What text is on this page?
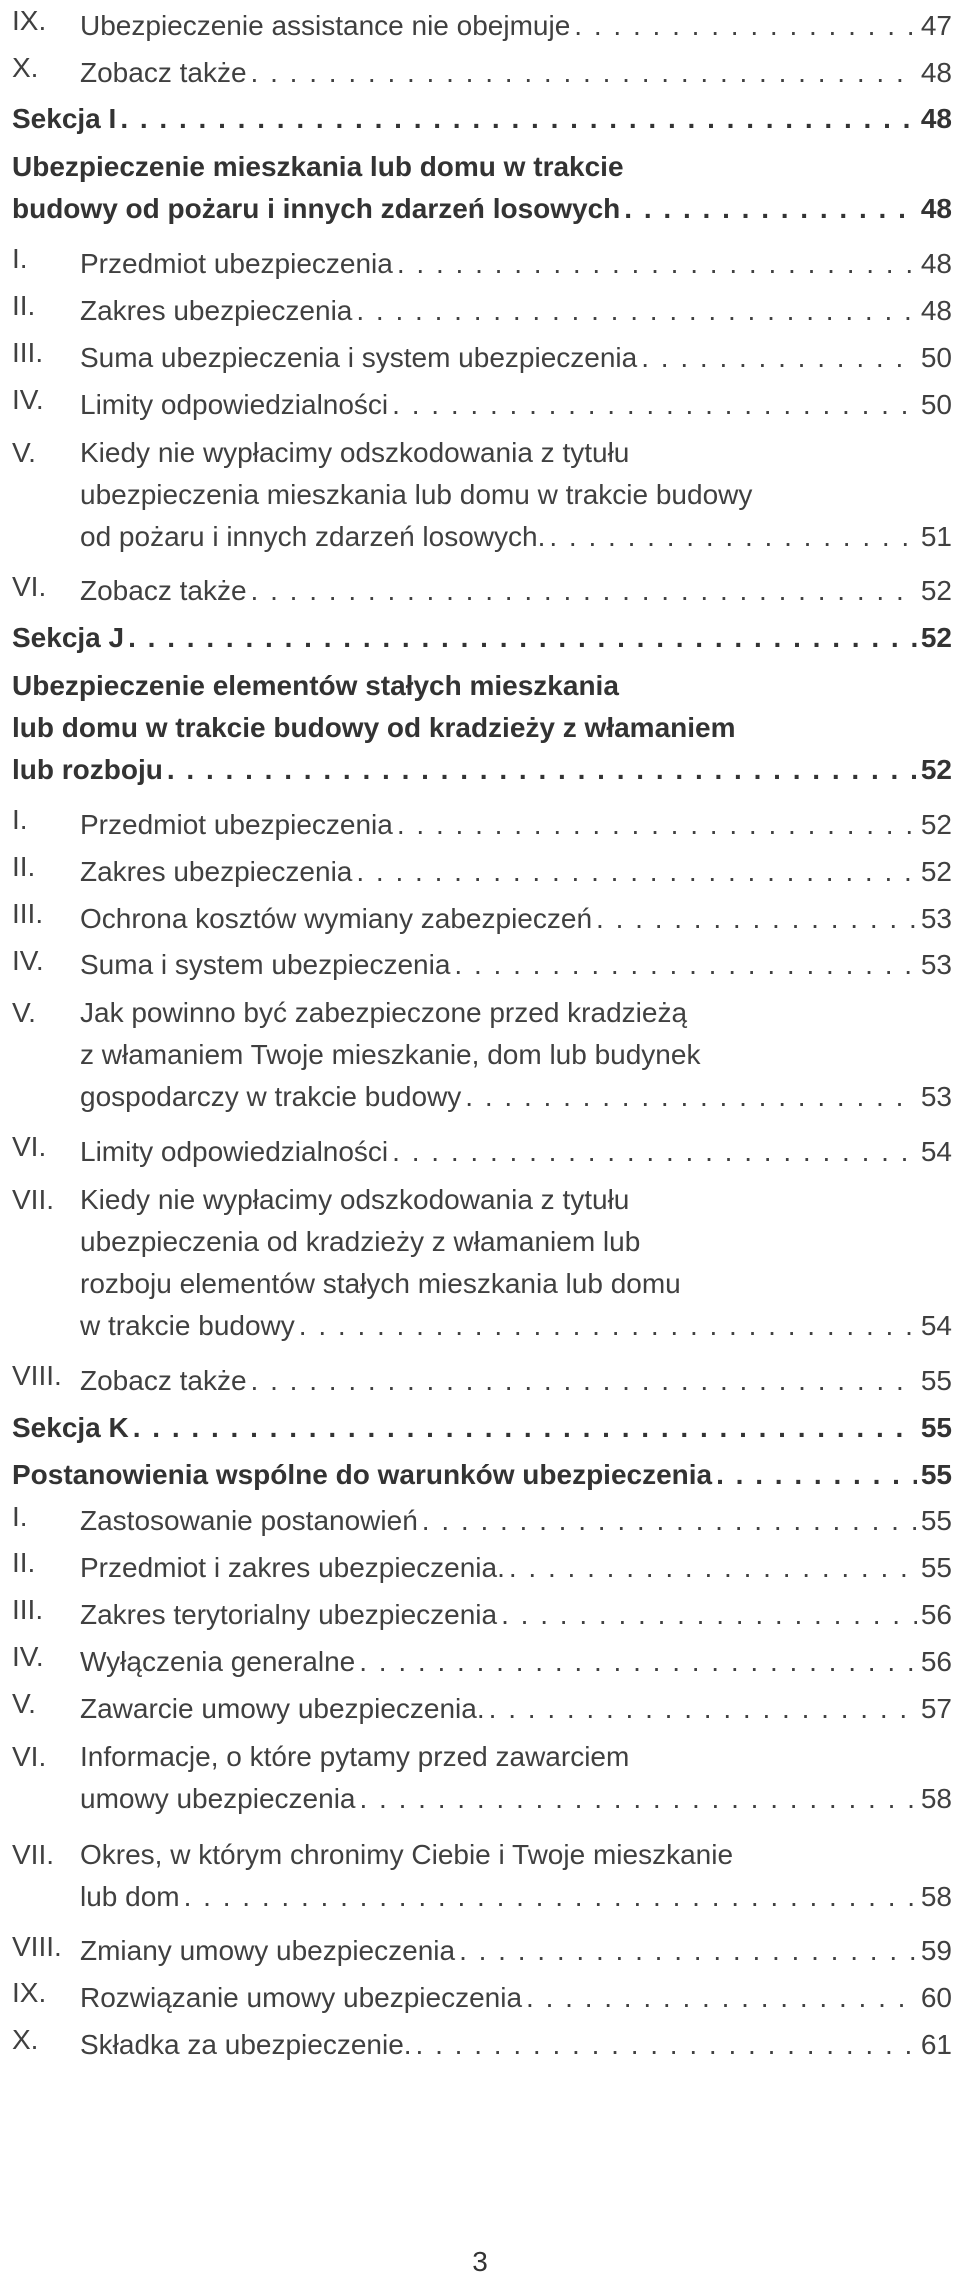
IX.	Ubezpieczenie assistance nie obejmuje . . .	47
X.	Zobacz także . . .	48
Sekcja I . . .	48
Ubezpieczenie mieszkania lub domu w trakcie
budowy od pożaru i innych zdarzeń losowych . . .	48
I.	Przedmiot ubezpieczenia . . .	48
II.	Zakres ubezpieczenia . . .	48
III.	Suma ubezpieczenia i system ubezpieczenia . . .	50
IV.	Limity odpowiedzialności . . .	50
V.	Kiedy nie wypłacimy odszkodowania z tytułu
ubezpieczenia mieszkania lub domu w trakcie budowy
od pożaru i innych zdarzeń losowych. . . .	51
VI.	Zobacz także . . .	52
Sekcja J . . .	52
Ubezpieczenie elementów stałych mieszkania
lub domu w trakcie budowy od kradzieży z włamaniem
lub rozboju . . .	52
I.	Przedmiot ubezpieczenia . . .	52
II.	Zakres ubezpieczenia . . .	52
III.	Ochrona kosztów wymiany zabezpieczeń . . .	53
IV.	Suma i system ubezpieczenia . . .	53
V.	Jak powinno być zabezpieczone przed kradzieżą
z włamaniem Twoje mieszkanie, dom lub budynek
gospodarczy w trakcie budowy . . .	53
VI.	Limity odpowiedzialności . . .	54
VII. Kiedy nie wypłacimy odszkodowania z tytułu
ubezpieczenia od kradzieży z włamaniem lub
rozboju elementów stałych mieszkania lub domu
w trakcie budowy . . .	54
VIII. Zobacz także . . .	55
Sekcja K . . .	55
Postanowienia wspólne do warunków ubezpieczenia . . .	55
I.	Zastosowanie postanowień . . .	55
II.	Przedmiot i zakres ubezpieczenia. . . .	55
III.	Zakres terytorialny ubezpieczenia . . .	56
IV.	Wyłączenia generalne . . .	56
V.	Zawarcie umowy ubezpieczenia. . . .	57
VI.	Informacje, o które pytamy przed zawarciem
umowy ubezpieczenia . . .	58
VII. Okres, w którym chronimy Ciebie i Twoje mieszkanie
lub dom . . .	58
VIII. Zmiany umowy ubezpieczenia . . .	59
IX.	Rozwiązanie umowy ubezpieczenia . . .	60
X.	Składka za ubezpieczenie. . . .	61
3
